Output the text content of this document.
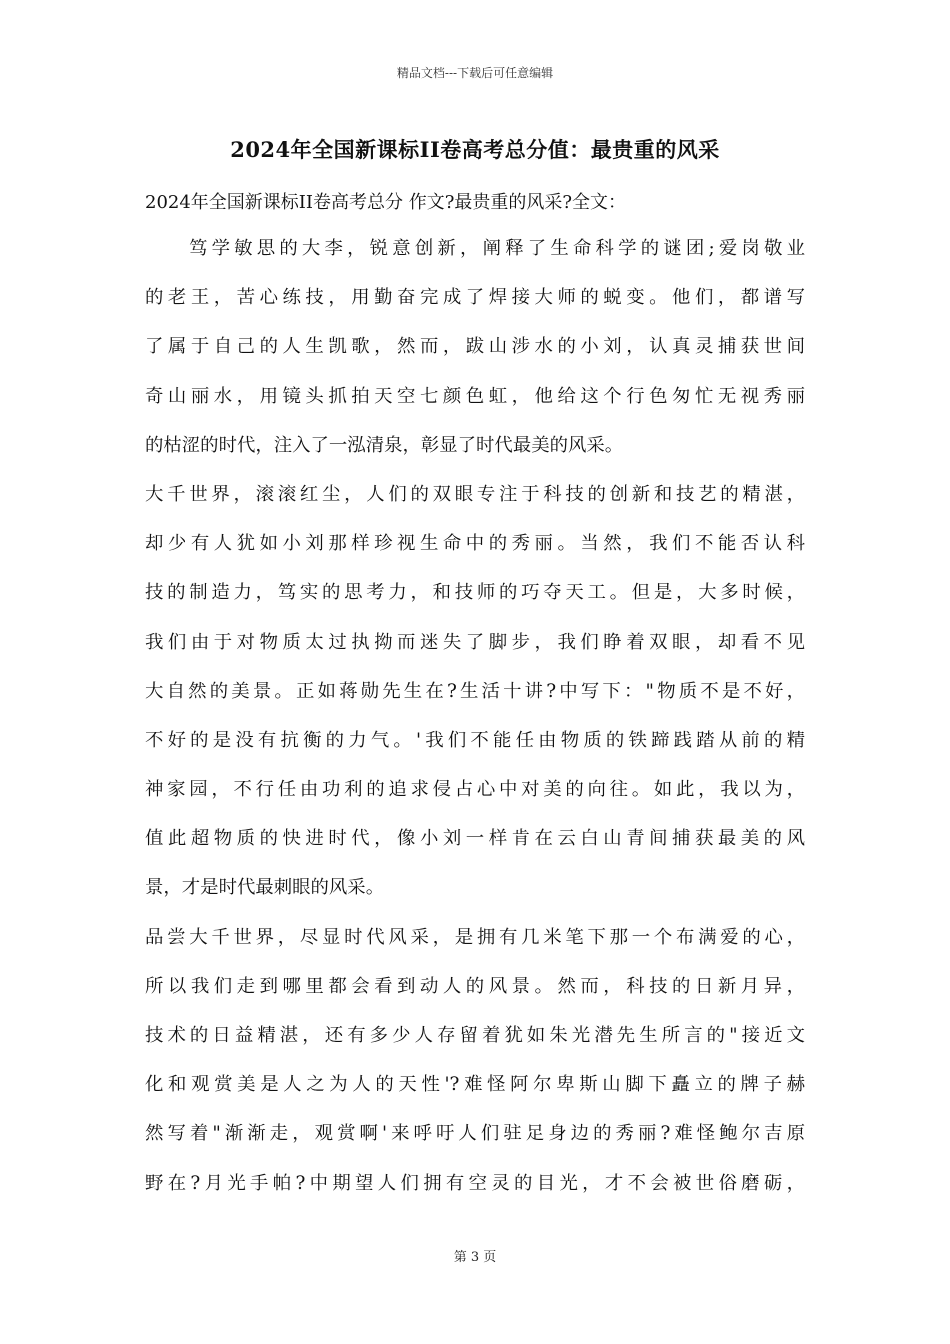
精品文档---下载后可任意编辑
2024年全国新课标II卷高考总分值：最贵重的风采
2024年全国新课标II卷高考总分 作文?最贵重的风采?全文：
笃学敏思的大李，锐意创新，阐释了生命科学的谜团;爱岗敬业
的老王，苦心练技，用勤奋完成了焊接大师的蜕变。他们，都谱写
了属于自己的人生凯歌，然而，跋山涉水的小刘，认真灵捕获世间
奇山丽水，用镜头抓拍天空七颜色虹，他给这个行色匆忙无视秀丽
的枯涩的时代，注入了一泓清泉，彰显了时代最美的风采。
大千世界，滚滚红尘，人们的双眼专注于科技的创新和技艺的精湛，
却少有人犹如小刘那样珍视生命中的秀丽。当然，我们不能否认科
技的制造力，笃实的思考力，和技师的巧夺天工。但是，大多时候，
我们由于对物质太过执拗而迷失了脚步，我们睁着双眼，却看不见
大自然的美景。正如蒋勋先生在?生活十讲?中写下："物质不是不好，
不好的是没有抗衡的力气。'我们不能任由物质的铁蹄践踏从前的精
神家园，不行任由功利的追求侵占心中对美的向往。如此，我以为，
值此超物质的快进时代，像小刘一样肯在云白山青间捕获最美的风
景，才是时代最刺眼的风采。
品尝大千世界，尽显时代风采，是拥有几米笔下那一个布满爱的心，
所以我们走到哪里都会看到动人的风景。然而，科技的日新月异，
技术的日益精湛，还有多少人存留着犹如朱光潜先生所言的"接近文
化和观赏美是人之为人的天性'?难怪阿尔卑斯山脚下矗立的牌子赫
然写着"渐渐走，观赏啊'来呼吁人们驻足身边的秀丽?难怪鲍尔吉原
野在?月光手帕?中期望人们拥有空灵的目光，才不会被世俗磨砺，
第 3 页
